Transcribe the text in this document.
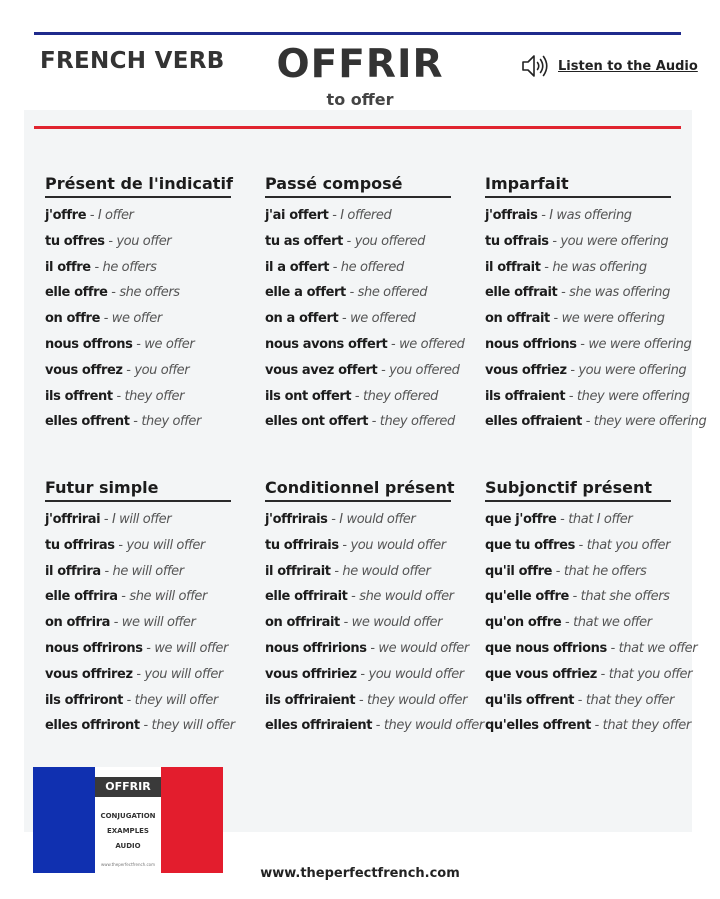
FRENCH VERB	OFFRIR
to offer
Listen to the Audio
Présent de l'indicatif
j'offre - I offer
tu offres - you offer
il offre - he offers
elle offre - she offers
on offre - we offer
nous offrons - we offer
vous offrez - you offer
ils offrent - they offer
elles offrent - they offer
Passé composé
j'ai offert - I offered
tu as offert - you offered
il a offert - he offered
elle a offert - she offered
on a offert - we offered
nous avons offert - we offered
vous avez offert - you offered
ils ont offert - they offered
elles ont offert - they offered
Imparfait
j'offrais - I was offering
tu offrais - you were offering
il offrait - he was offering
elle offrait - she was offering
on offrait - we were offering
nous offrions - we were offering
vous offriez - you were offering
ils offraient - they were offering
elles offraient - they were offering
Futur simple
j'offrirai - I will offer
tu offriras - you will offer
il offrira - he will offer
elle offrira - she will offer
on offrira - we will offer
nous offrirons - we will offer
vous offrirez - you will offer
ils offriront - they will offer
elles offriront - they will offer
Conditionnel présent
j'offrirais - I would offer
tu offrirais - you would offer
il offrirait - he would offer
elle offrirait - she would offer
on offrirait - we would offer
nous offririons - we would offer
vous offririez - you would offer
ils offriraient - they would offer
elles offriraient - they would offer
Subjonctif présent
que j'offre - that I offer
que tu offres - that you offer
qu'il offre - that he offers
qu'elle offre - that she offers
qu'on offre - that we offer
que nous offrions - that we offer
que vous offriez - that you offer
qu'ils offrent - that they offer
qu'elles offrent - that they offer
OFFRIR
CONJUGATION
EXAMPLES
AUDIO
www.theperfectfrench.com
www.theperfectfrench.com
